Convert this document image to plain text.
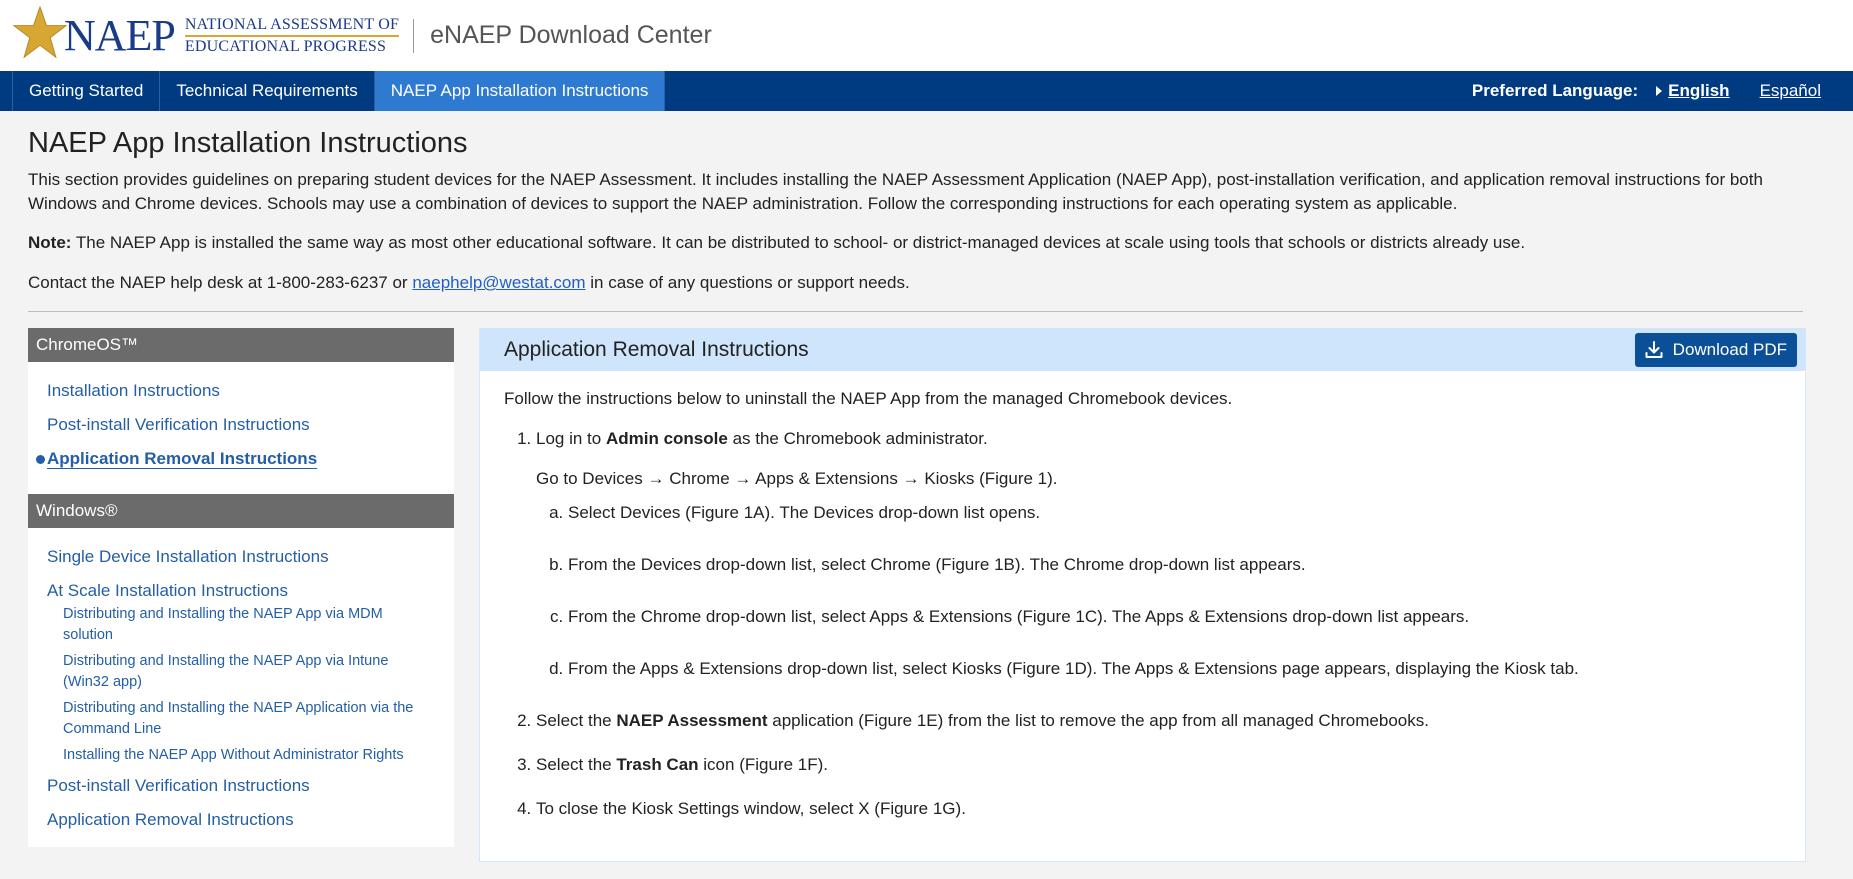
NAEP NATIONAL ASSESSMENT OF
EDUCATIONAL PROGRESS	eNAEP Download Center
Getting Started	Technical Requirements	NAEP App Installation Instructions	Preferred Language: English Español
NAEP App Installation Instructions

This section provides guidelines on preparing student devices for the NAEP Assessment. It includes installing the NAEP Assessment Application (NAEP App), post-installation verification, and application removal instructions for both Windows and Chrome devices. Schools may use a combination of devices to support the NAEP administration. Follow the corresponding instructions for each operating system as applicable.

Note: The NAEP App is installed the same way as most other educational software. It can be distributed to school- or district-managed devices at scale using tools that schools or districts already use.

Contact the NAEP help desk at 1-800-283-6237 or naephelp@westat.com in case of any questions or support needs.

ChromeOS™
Installation Instructions
Post-install Verification Instructions
Application Removal Instructions
Windows®
Single Device Installation Instructions
At Scale Installation Instructions
Distributing and Installing the NAEP App via MDM solution
Distributing and Installing the NAEP App via Intune (Win32 app)
Distributing and Installing the NAEP Application via the Command Line
Installing the NAEP App Without Administrator Rights
Post-install Verification Instructions
Application Removal Instructions
Application Removal Instructions	Download PDF

Follow the instructions below to uninstall the NAEP App from the managed Chromebook devices.

1. Log in to Admin console as the Chromebook administrator.
Go to Devices → Chrome → Apps & Extensions → Kiosks (Figure 1).
a. Select Devices (Figure 1A). The Devices drop-down list opens.
b. From the Devices drop-down list, select Chrome (Figure 1B). The Chrome drop-down list appears.
c. From the Chrome drop-down list, select Apps & Extensions (Figure 1C). The Apps & Extensions drop-down list appears.
d. From the Apps & Extensions drop-down list, select Kiosks (Figure 1D). The Apps & Extensions page appears, displaying the Kiosk tab.
2. Select the NAEP Assessment application (Figure 1E) from the list to remove the app from all managed Chromebooks.
3. Select the Trash Can icon (Figure 1F).
4. To close the Kiosk Settings window, select X (Figure 1G).
